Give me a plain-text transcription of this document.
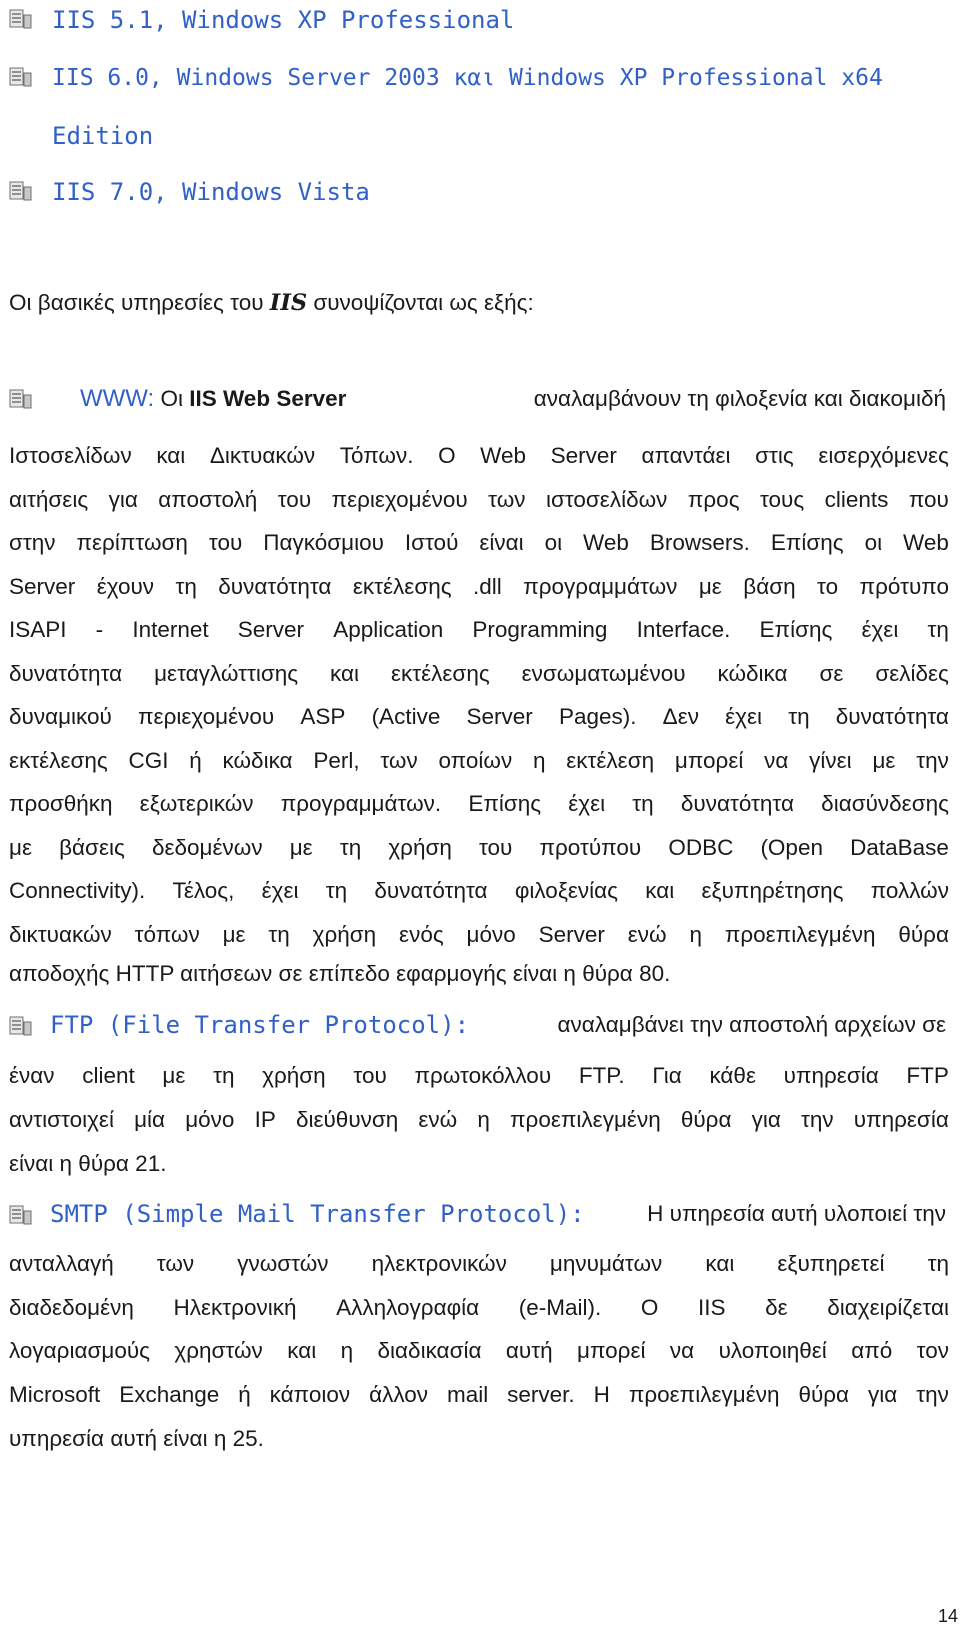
IIS 5.1, Windows XP Professional
IIS 6.0, Windows Server 2003 και Windows XP Professional x64
Edition
IIS 7.0, Windows Vista
Οι βασικές υπηρεσίες του IIS συνοψίζονται ως εξής:
WWW: Οι IIS Web Server	αναλαμβάνουν τη φιλοξενία και διακομιδή
Ιστοσελίδων και Δικτυακών Τόπων. Ο Web Server απαντάει στις εισερχόμενες
αιτήσεις για αποστολή του περιεχομένου των ιστοσελίδων προς τους clients που
στην περίπτωση του Παγκόσμιου Ιστού είναι οι Web Browsers. Επίσης οι Web
Server έχουν τη δυνατότητα εκτέλεσης .dll προγραμμάτων με βάση το πρότυπο
ISAPI - Internet Server Application Programming Interface. Επίσης έχει τη
δυνατότητα μεταγλώττισης και εκτέλεσης ενσωματωμένου κώδικα σε σελίδες
δυναμικού περιεχομένου ASP (Active Server Pages). Δεν έχει τη δυνατότητα
εκτέλεσης CGI ή κώδικα Perl, των οποίων η εκτέλεση μπορεί να γίνει με την
προσθήκη εξωτερικών προγραμμάτων. Επίσης έχει τη δυνατότητα διασύνδεσης
με βάσεις δεδομένων με τη χρήση του προτύπου ODBC (Open DataBase
Connectivity). Τέλος, έχει τη δυνατότητα φιλοξενίας και εξυπηρέτησης πολλών
δικτυακών τόπων με τη χρήση ενός μόνο Server ενώ η προεπιλεγμένη θύρα
αποδοχής HTTP αιτήσεων σε επίπεδο εφαρμογής είναι η θύρα 80.
FTP (File Transfer Protocol):	αναλαμβάνει την αποστολή αρχείων σε
έναν client με τη χρήση του πρωτοκόλλου FTP. Για κάθε υπηρεσία FTP
αντιστοιχεί μία μόνο IP διεύθυνση ενώ η προεπιλεγμένη θύρα για την υπηρεσία
είναι η θύρα 21.
SMTP (Simple Mail Transfer Protocol):	Η υπηρεσία αυτή υλοποιεί την
ανταλλαγή των γνωστών ηλεκτρονικών μηνυμάτων και εξυπηρετεί τη
διαδεδομένη Ηλεκτρονική Αλληλογραφία (e-Mail). Ο IIS δε διαχειρίζεται
λογαριασμούς χρηστών και η διαδικασία αυτή μπορεί να υλοποιηθεί από τον
Microsoft Exchange ή κάποιον άλλον mail server. Η προεπιλεγμένη θύρα για την
υπηρεσία αυτή είναι η 25.
14
